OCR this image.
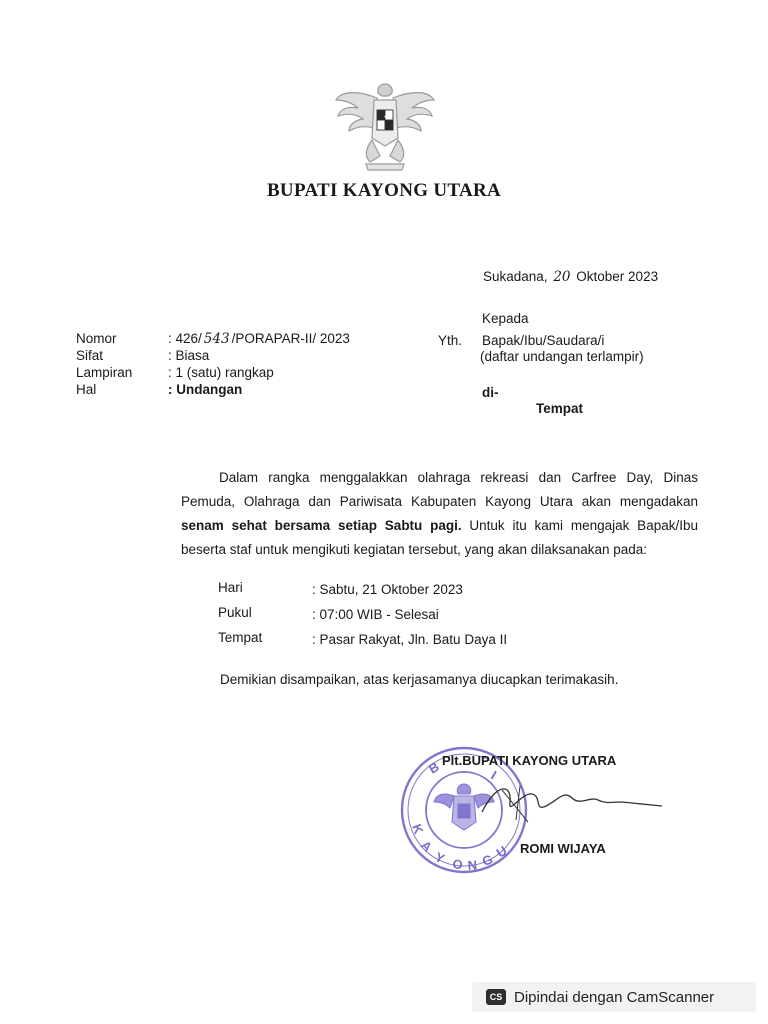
BUPATI KAYONG UTARA
Sukadana, 20 Oktober 2023
Kepada
Yth. Bapak/Ibu/Saudara/i
(daftar undangan terlampir)
di-
Tempat
Nomor	: 426/ 543 /PORAPAR-II/ 2023
Sifat	: Biasa
Lampiran	: 1 (satu) rangkap
Hal	: Undangan
Dalam rangka menggalakkan olahraga rekreasi dan Carfree Day, Dinas Pemuda, Olahraga dan Pariwisata Kabupaten Kayong Utara akan mengadakan senam sehat bersama setiap Sabtu pagi. Untuk itu kami mengajak Bapak/Ibu beserta staf untuk mengikuti kegiatan tersebut, yang akan dilaksanakan pada:
Hari	: Sabtu, 21 Oktober 2023
Pukul	: 07:00 WIB - Selesai
Tempat	: Pasar Rakyat, Jln. Batu Daya II
Demikian disampaikan, atas kerjasamanya diucapkan terimakasih.
B	I
K
A
Y O N G U
Plt.BUPATI KAYONG UTARA
ROMI WIJAYA
CS Dipindai dengan CamScanner
